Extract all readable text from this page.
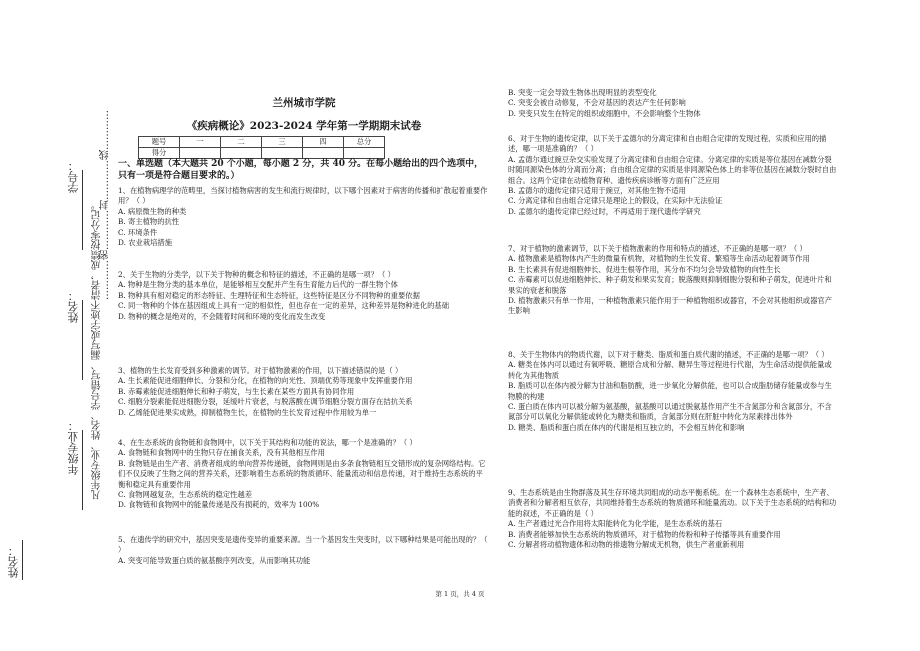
学号：
姓名：
年级专业： 凡年级专业、姓名、学号错写、漏写或字迹不清者，成绩按零分记。
…………密…………封…………线…………
姓名：
兰州城市学院
《疾病概论》2023-2024 学年第一学期期末试卷
题号	一	二	三	四	总分
得分					
一、单选题（本大题共 20 个小题，每小题 2 分，共 40 分。在每小题给出的四个选项中，只有一项是符合题目要求的。）

1、在植物病理学的范畴里，当探讨植物病害的发生和流行规律时，以下哪个因素对于病害的传播和扩散起着重要作用？（ ）

A. 病原微生物的种类

B. 寄主植物的抗性

C. 环境条件

D. 农业栽培措施

2、关于生物的分类学，以下关于物种的概念和特征的描述，不正确的是哪一项？（ ）

A. 物种是生物分类的基本单位，是能够相互交配并产生有生育能力后代的一群生物个体

B. 物种具有相对稳定的形态特征、生理特征和生态特征，这些特征是区分不同物种的重要依据

C. 同一物种的个体在基因组成上具有一定的相似性，但也存在一定的差异，这种差异是物种进化的基础

D. 物种的概念是绝对的，不会随着时间和环境的变化而发生改变

3、植物的生长发育受到多种激素的调节。对于植物激素的作用，以下描述错误的是（ ）

A. 生长素能促进细胞伸长、分裂和分化，在植物的向光性、顶端优势等现象中发挥重要作用

B. 赤霉素能促进细胞伸长和种子萌发，与生长素在某些方面具有协同作用

C. 细胞分裂素能促进细胞分裂，延缓叶片衰老，与脱落酸在调节细胞分裂方面存在拮抗关系

D. 乙烯能促进果实成熟，抑制植物生长，在植物的生长发育过程中作用较为单一

4、在生态系统的食物链和食物网中，以下关于其结构和功能的说法，哪一个是准确的？（ ）

A. 食物链和食物网中的生物只存在捕食关系，没有其他相互作用

B. 食物链是由生产者、消费者组成的单向营养传递链，食物网则是由多条食物链相互交错形成的复杂网络结构。它们不仅反映了生物之间的营养关系，还影响着生态系统的物质循环、能量流动和信息传递，对于维持生态系统的平衡和稳定具有重要作用

C. 食物网越复杂，生态系统的稳定性越差

D. 食物链和食物网中的能量传递是没有损耗的，效率为 100%

5、在遗传学的研究中，基因突变是遗传变异的重要来源。当一个基因发生突变时，以下哪种结果是可能出现的？（ ）

A. 突变可能导致蛋白质的氨基酸序列改变，从而影响其功能

B. 突变一定会导致生物体出现明显的表型变化

C. 突变会被自动修复，不会对基因的表达产生任何影响

D. 突变只发生在特定的组织或细胞中，不会影响整个生物体

6、对于生物的遗传定律，以下关于孟德尔的分离定律和自由组合定律的发现过程、实质和应用的描述，哪一项是准确的？（ ）

A. 孟德尔通过豌豆杂交实验发现了分离定律和自由组合定律。分离定律的实质是等位基因在减数分裂时随同源染色体的分离而分离；自由组合定律的实质是非同源染色体上的非等位基因在减数分裂时自由组合。这两个定律在动植物育种、遗传疾病诊断等方面有广泛应用

B. 孟德尔的遗传定律只适用于豌豆，对其他生物不适用

C. 分离定律和自由组合定律只是理论上的假设，在实际中无法验证

D. 孟德尔的遗传定律已经过时，不再适用于现代遗传学研究

7、对于植物的激素调节，以下关于植物激素的作用和特点的描述，不正确的是哪一项？（ ）

A. 植物激素是植物体内产生的微量有机物，对植物的生长发育、繁殖等生命活动起着调节作用

B. 生长素具有促进细胞伸长、促进生根等作用，其分布不均匀会导致植物的向性生长

C. 赤霉素可以促进细胞伸长、种子萌发和果实发育；脱落酸则抑制细胞分裂和种子萌发，促进叶片和果实的衰老和脱落

D. 植物激素只有单一作用，一种植物激素只能作用于一种植物组织或器官，不会对其他组织或器官产生影响

8、关于生物体内的物质代谢，以下对于糖类、脂质和蛋白质代谢的描述，不正确的是哪一项？（ ）

A. 糖类在体内可以通过有氧呼吸、糖原合成和分解、糖异生等过程进行代谢，为生命活动提供能量或转化为其他物质

B. 脂质可以在体内被分解为甘油和脂肪酸，进一步氧化分解供能，也可以合成脂肪储存能量或参与生物膜的构建

C. 蛋白质在体内可以被分解为氨基酸，氨基酸可以通过脱氨基作用产生不含氮部分和含氮部分，不含氮部分可以氧化分解供能或转化为糖类和脂质，含氮部分则在肝脏中转化为尿素排出体外

D. 糖类、脂质和蛋白质在体内的代谢是相互独立的，不会相互转化和影响

9、生态系统是由生物群落及其生存环境共同组成的动态平衡系统。在一个森林生态系统中，生产者、消费者和分解者相互依存，共同维持着生态系统的物质循环和能量流动。以下关于生态系统的结构和功能的叙述，不正确的是（ ）

A. 生产者通过光合作用将太阳能转化为化学能，是生态系统的基石

B. 消费者能够加快生态系统的物质循环，对于植物的传粉和种子传播等具有重要作用

C. 分解者将动植物遗体和动物的排遗物分解成无机物，供生产者重新利用

第 1 页，共 4 页
